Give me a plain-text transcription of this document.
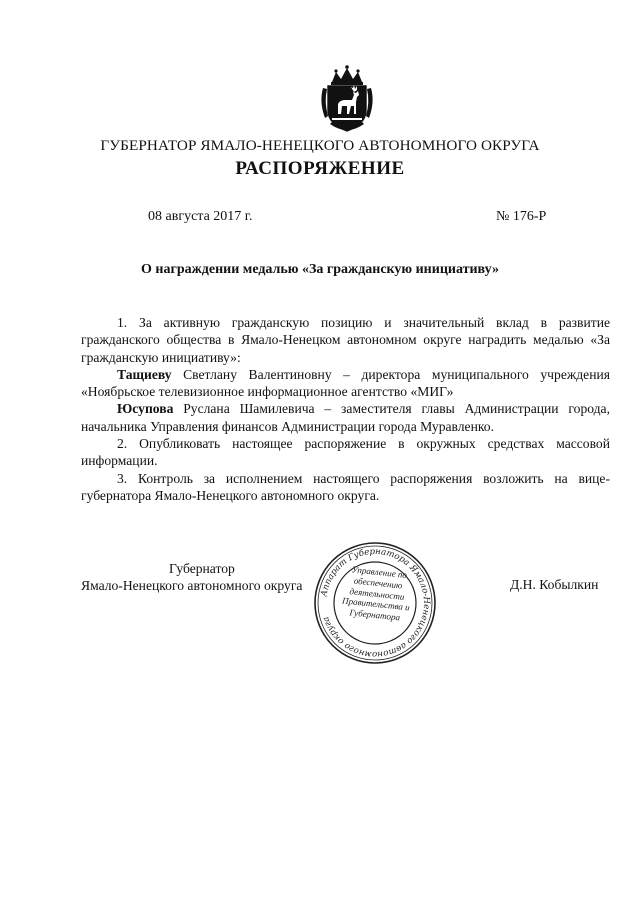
ГУБЕРНАТОР ЯМАЛО-НЕНЕЦКОГО АВТОНОМНОГО ОКРУГА
РАСПОРЯЖЕНИЕ
08 августа 2017 г.	№ 176-Р
О награждении медалью «За гражданскую инициативу»

1. За активную гражданскую позицию и значительный вклад в развитие гражданского общества в Ямало-Ненецком автономном округе наградить медалью «За гражданскую инициативу»:

Тащиеву Светлану Валентиновну – директора муниципального учреждения «Ноябрьское телевизионное информационное агентство «МИГ»

Юсупова Руслана Шамилевича – заместителя главы Администрации города, начальника Управления финансов Администрации города Муравленко.

2. Опубликовать настоящее распоряжение в окружных средствах массовой информации.

3. Контроль за исполнением настоящего распоряжения возложить на вице-губернатора Ямало-Ненецкого автономного округа.

Губернатор
Ямало-Ненецкого автономного округа	Аппарат Губернатора Ямало-Ненецкого автономного округа
Управление по обеспечению деятельности Правительства и Губернатора
Д.Н. Кобылкин
